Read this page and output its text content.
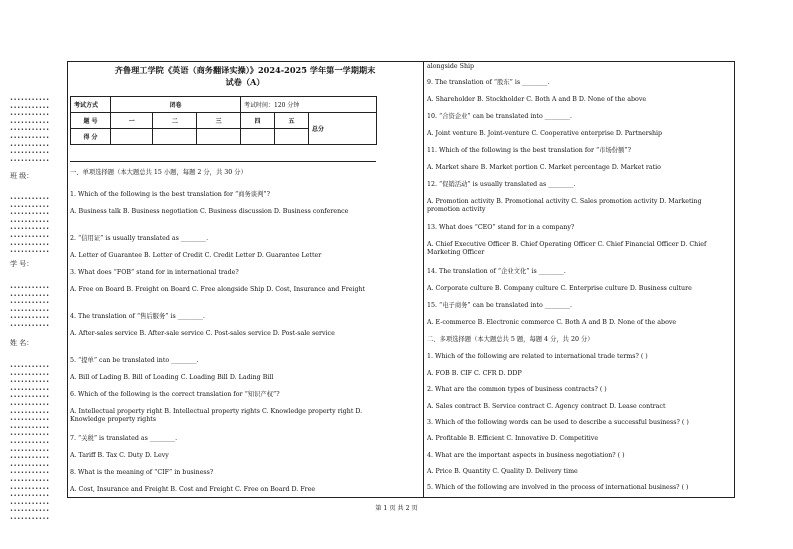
•••••••••••
•••••••••••
•••••••••••
•••••••••••
•••••••••••
•••••••••••
•••••••••••
•••••••••••
•••••••••••
班 级：
•••••••••••
•••••••••••
•••••••••••
•••••••••••
•••••••••••
•••••••••••
•••••••••••
•••••••••••
学 号：
•••••••••••
•••••••••••
•••••••••••
•••••••••••
•••••••••••
•••••••••••
姓 名：
•••••••••••
•••••••••••
•••••••••••
•••••••••••
•••••••••••
•••••••••••
•••••••••••
•••••••••••
•••••••••••
•••••••••••
•••••••••••
•••••••••••
•••••••••••
•••••••••••
•••••••••••
•••••••••••
•••••••••••
•••••••••••
•••••••••••
•••••••••••
•••••••••••
齐鲁理工学院《英语（商务翻译实操）》2024-2025 学年第一学期期末
试卷（A）
考试方式	闭卷			考试时间：120 分钟		
题 号	一	二	三	四	五	总分
得 分						
一、单项选择题（本大题总共 15 小题，每题 2 分，共 30 分）
1. Which of the following is the best translation for “商务谈判”?
A. Business talk B. Business negotiation C. Business discussion D. Business conference
2. “信用证” is usually translated as ________.
A. Letter of Guarantee B. Letter of Credit C. Credit Letter D. Guarantee Letter
3. What does “FOB” stand for in international trade?
A. Free on Board B. Freight on Board C. Free alongside Ship D. Cost, Insurance and Freight
4. The translation of “售后服务” is ________.
A. After-sales service B. After-sale service C. Post-sales service D. Post-sale service
5. “提单” can be translated into ________.
A. Bill of Lading B. Bill of Loading C. Loading Bill D. Lading Bill
6. Which of the following is the correct translation for “知识产权”?
A. Intellectual property right B. Intellectual property rights C. Knowledge property right D. Knowledge property rights
7. “关税” is translated as ________.
A. Tariff B. Tax C. Duty D. Levy
8. What is the meaning of “CIF” in business?
A. Cost, Insurance and Freight B. Cost and Freight C. Free on Board D. Free
alongside Ship
9. The translation of “股东” is ________.
A. Shareholder B. Stockholder C. Both A and B D. None of the above
10. “合资企业” can be translated into ________.
A. Joint venture B. Joint-venture C. Cooperative enterprise D. Partnership
11. Which of the following is the best translation for “市场份额”?
A. Market share B. Market portion C. Market percentage D. Market ratio
12. “促销活动” is usually translated as ________.
A. Promotion activity B. Promotional activity C. Sales promotion activity D. Marketing promotion activity
13. What does “CEO” stand for in a company?
A. Chief Executive Officer B. Chief Operating Officer C. Chief Financial Officer D. Chief Marketing Officer
14. The translation of “企业文化” is ________.
A. Corporate culture B. Company culture C. Enterprise culture D. Business culture
15. “电子商务” can be translated into ________.
A. E-commerce B. Electronic commerce C. Both A and B D. None of the above
二、多项选择题（本大题总共 5 题，每题 4 分，共 20 分）
1. Which of the following are related to international trade terms? ( )
A. FOB B. CIF C. CFR D. DDP
2. What are the common types of business contracts? ( )
A. Sales contract B. Service contract C. Agency contract D. Lease contract
3. Which of the following words can be used to describe a successful business? ( )
A. Profitable B. Efficient C. Innovative D. Competitive
4. What are the important aspects in business negotiation? ( )
A. Price B. Quantity C. Quality D. Delivery time
5. Which of the following are involved in the process of international business? ( )
第 1 页 共 2 页
